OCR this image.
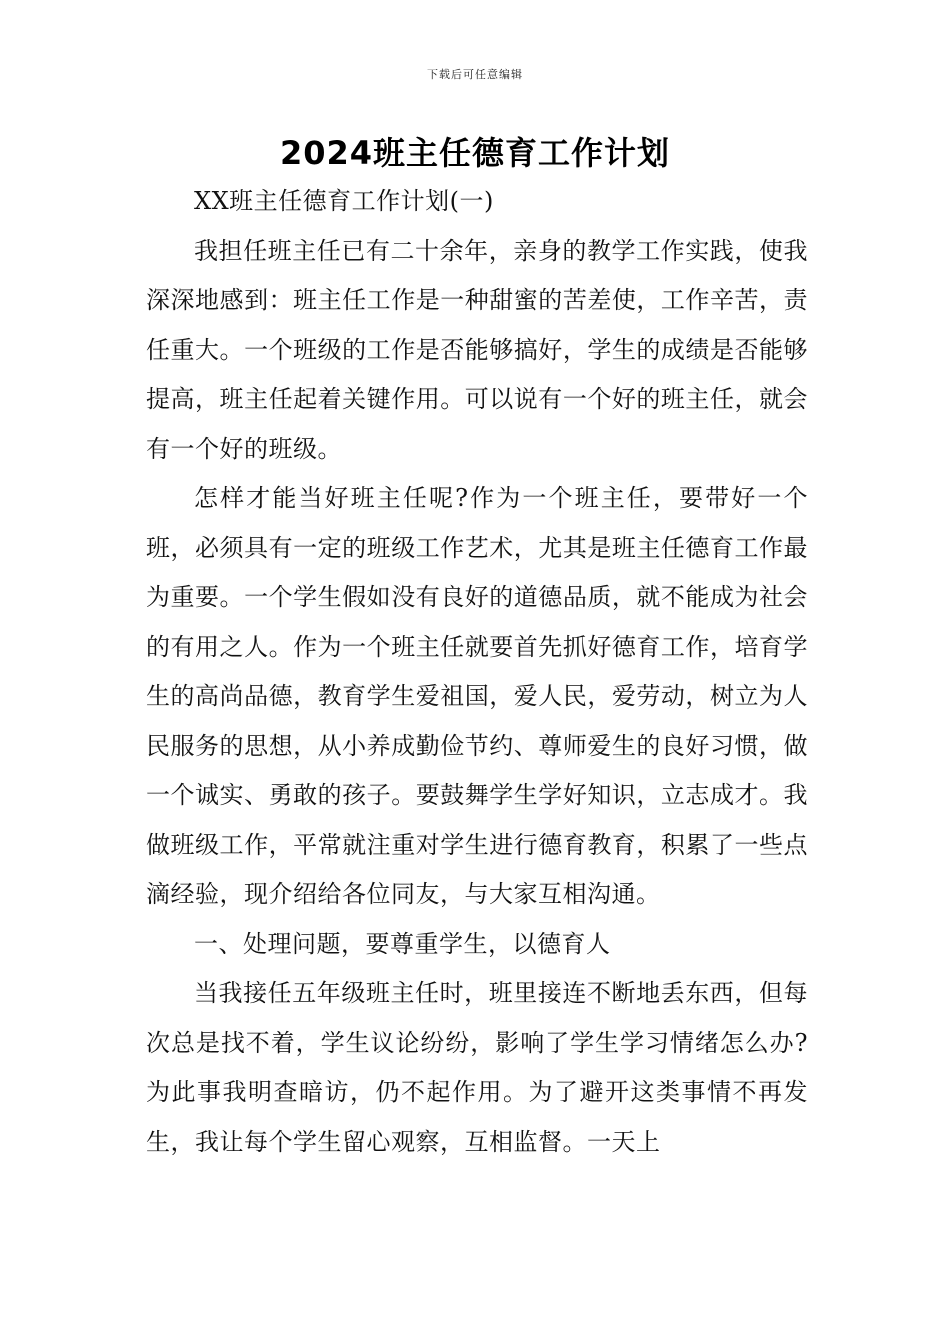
下载后可任意编辑
2024班主任德育工作计划

XX班主任德育工作计划(一)

我担任班主任已有二十余年，亲身的教学工作实践，使我深深地感到：班主任工作是一种甜蜜的苦差使，工作辛苦，责任重大。一个班级的工作是否能够搞好，学生的成绩是否能够提高，班主任起着关键作用。可以说有一个好的班主任，就会有一个好的班级。

怎样才能当好班主任呢?作为一个班主任，要带好一个班，必须具有一定的班级工作艺术，尤其是班主任德育工作最为重要。一个学生假如没有良好的道德品质，就不能成为社会的有用之人。作为一个班主任就要首先抓好德育工作，培育学生的高尚品德，教育学生爱祖国，爱人民，爱劳动，树立为人民服务的思想，从小养成勤俭节约、尊师爱生的良好习惯，做一个诚实、勇敢的孩子。要鼓舞学生学好知识，立志成才。我做班级工作，平常就注重对学生进行德育教育，积累了一些点滴经验，现介绍给各位同友，与大家互相沟通。

一、处理问题，要尊重学生，以德育人

当我接任五年级班主任时，班里接连不断地丢东西，但每次总是找不着，学生议论纷纷，影响了学生学习情绪怎么办?为此事我明查暗访，仍不起作用。为了避开这类事情不再发生，我让每个学生留心观察，互相监督。一天上
